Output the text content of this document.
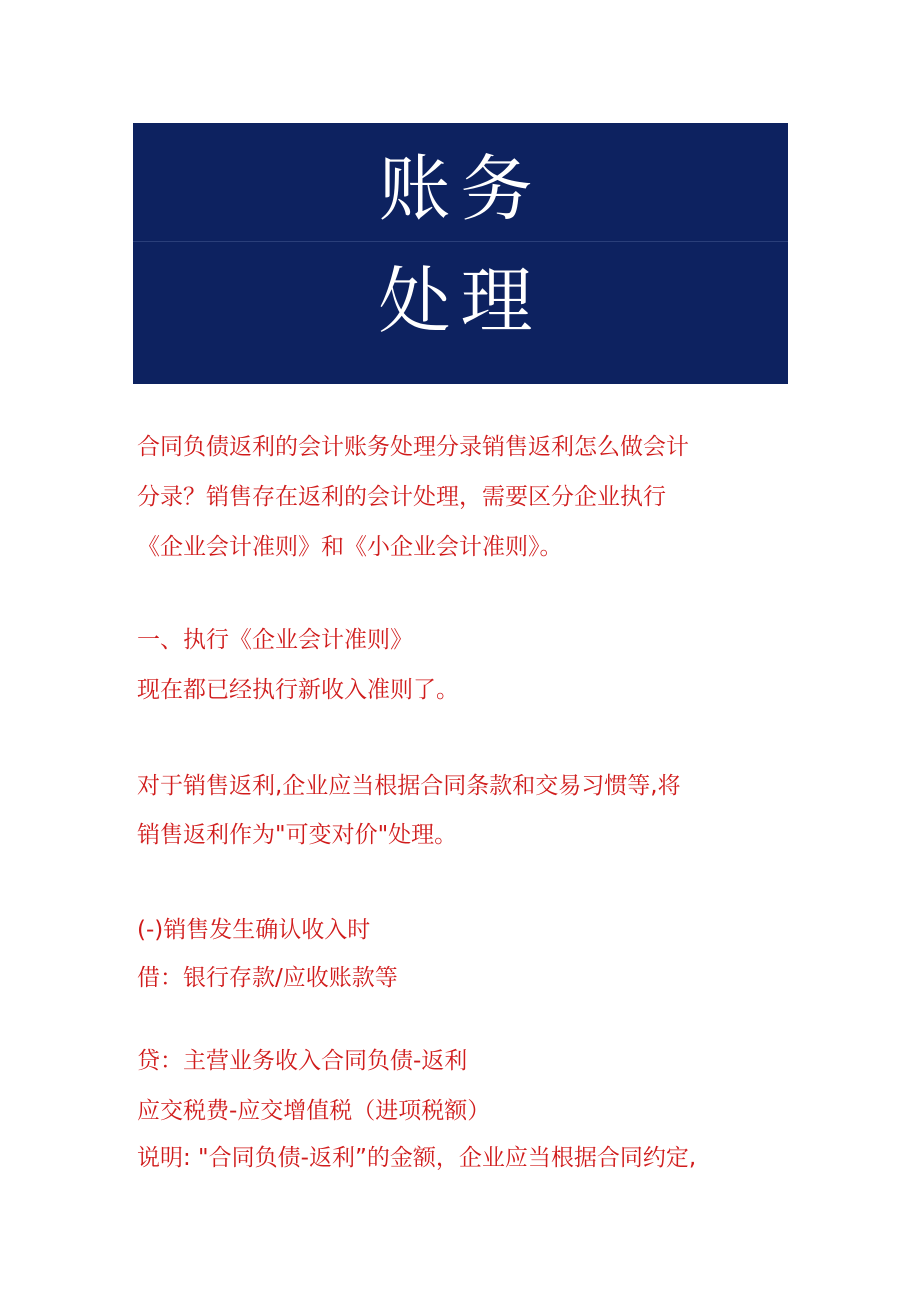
账务
处理

合同负债返利的会计账务处理分录销售返利怎么做会计

分录？销售存在返利的会计处理，需要区分企业执行

《企业会计准则》和《小企业会计准则》。

一、执行《企业会计准则》

现在都已经执行新收入准则了。

对于销售返利,企业应当根据合同条款和交易习惯等,将

销售返利作为"可变对价"处理。

(-)销售发生确认收入时

借：银行存款/应收账款等

贷：主营业务收入合同负债-返利

应交税费-应交增值税（进项税额）

说明: "合同负债-返利”的金额，企业应当根据合同约定,
